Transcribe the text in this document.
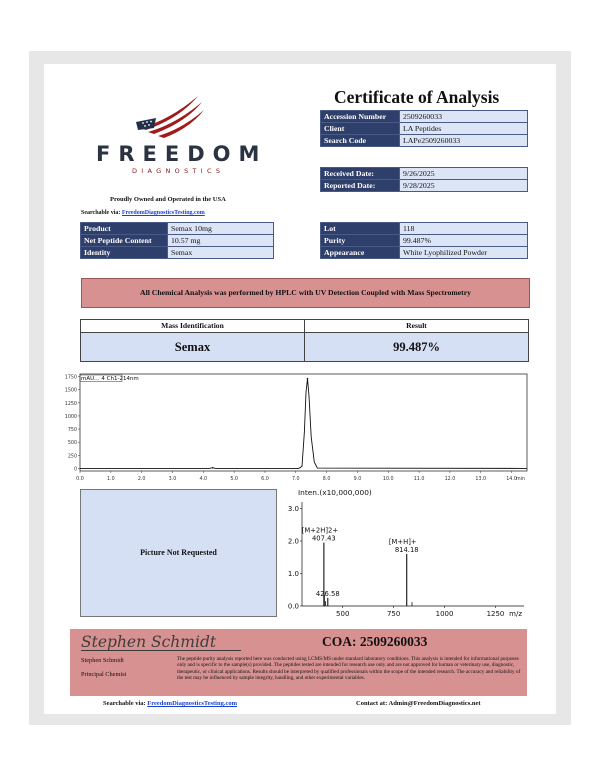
FREEDOM
DIAGNOSTICS
Proudly Owned and Operated in the USA
Searchable via: FreedomDiagnosticsTesting.com
Certificate of Analysis
Accession Number	2509260033
Client	LA Peptides
Search Code	LAPe2509260033
Received Date:	9/26/2025
Reported Date:	9/28/2025
Product	Semax 10mg
Net Peptide Content	10.57 mg
Identity	Semax
Lot	118
Purity	99.487%
Appearance	White Lyophilized Powder
All Chemical Analysis was performed by HPLC with UV Detection Coupled with Mass Spectrometry
Mass Identification	Result
Semax	99.487%
mAU… 4 Ch1-214nm
1750
1500
1250
1000
750
500
250
0
0.0	1.0	2.0	3.0	4.0	5.0	6.0	7.0	8.0	9.0	10.0	11.0	12.0	13.0	14.0 min
Picture Not Requested
Inten.(x10,000,000)
3.0
2.0
1.0
0.0
500	750	1000	1250 m/z
407.43
[M+2H]2+
426.58
814.18
[M+H]+
Stephen Schmidt	COA: 2509260033
Stephen Schmidt
Principal Chemist
The peptide purity analysis reported here was conducted using LCMS/MS under standard laboratory conditions. This analysis is intended for informational purposes only and is specific to the sample(s) provided. The peptides tested are intended for research use only and are not approved for human or veterinary use, diagnostic, therapeutic, or clinical applications. Results should be interpreted by qualified professionals within the scope of the intended research. The accuracy and reliability of the test may be influenced by sample integrity, handling, and other experimental variables.
Searchable via: FreedomDiagnosticsTesting.com	Contact at: Admin@FreedomDiagnostics.net
